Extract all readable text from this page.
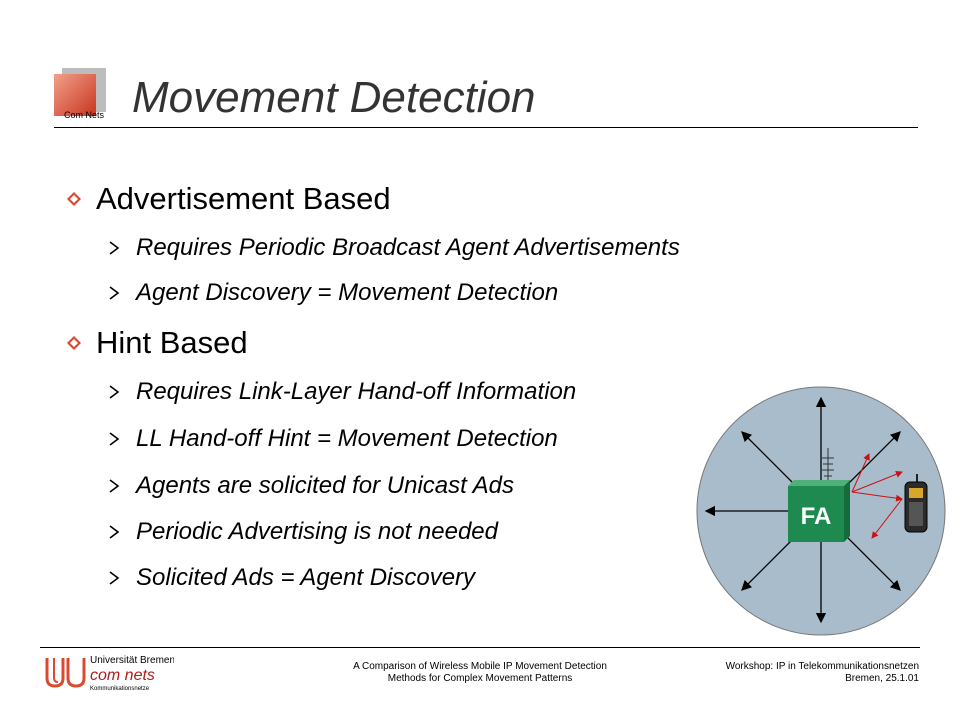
Com Nets Movement Detection
Advertisement Based
Requires Periodic Broadcast Agent Advertisements
Agent Discovery = Movement Detection
Hint Based
Requires Link-Layer Hand-off Information
LL Hand-off Hint = Movement Detection
Agents are solicited for Unicast Ads
Periodic Advertising is not needed
Solicited Ads = Agent Discovery
FA
Universität Bremen
com nets
Kommunikationsnetze
A Comparison of Wireless Mobile IP Movement Detection
Methods for Complex Movement Patterns
Workshop: IP in Telekommunikationsnetzen
Bremen, 25.1.01
